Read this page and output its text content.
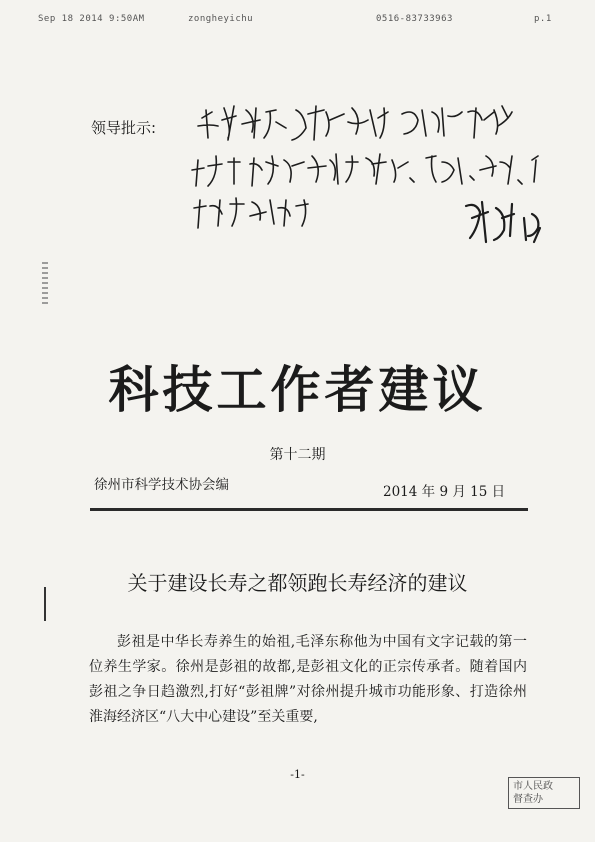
Sep 18 2014 9:50AM	zongheyichu	0516-83733963	p.1
领导批示:
科技工作者建议
第十二期
徐州市科学技术协会编	2014 年 9 月 15 日
关于建设长寿之都领跑长寿经济的建议

彭祖是中华长寿养生的始祖,毛泽东称他为中国有文字记载的第一位养生学家。徐州是彭祖的故都,是彭祖文化的正宗传承者。随着国内彭祖之争日趋激烈,打好“彭祖牌”对徐州提升城市功能形象、打造徐州淮海经济区“八大中心建设”至关重要,

-1-
市人民政
督查办
